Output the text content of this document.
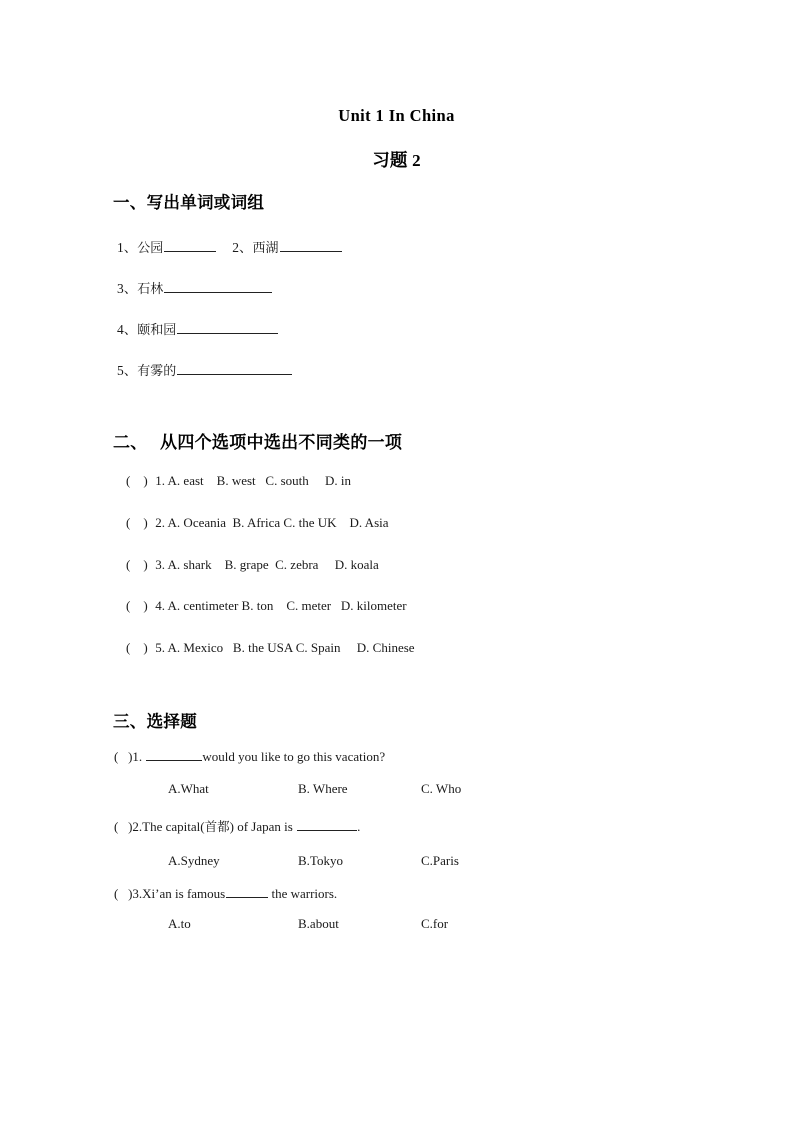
Unit 1 In China
习题 2
一、写出单词或词组
1、公园	2、西湖
3、石林
4、颐和园
5、有雾的
二、  从四个选项中选出不同类的一项
(    ) 1. A. east B. west C. south D. in
(    ) 2. A. Oceania B. Africa C. the UK D. Asia
(    ) 3. A. shark B. grape C. zebra D. koala
(    ) 4. A. centimeter B. ton C. meter D. kilometer
(    ) 5. A. Mexico B. the USA C. Spain D. Chinese
三、选择题
(   )1.	would you like to go this vacation?
A.What	B. Where	C. Who
(   )2.The capital(首都) of Japan is	.
A.Sydney	B.Tokyo	C.Paris
(   )3.Xi’an is famous	the warriors.
A.to	B.about	C.for
